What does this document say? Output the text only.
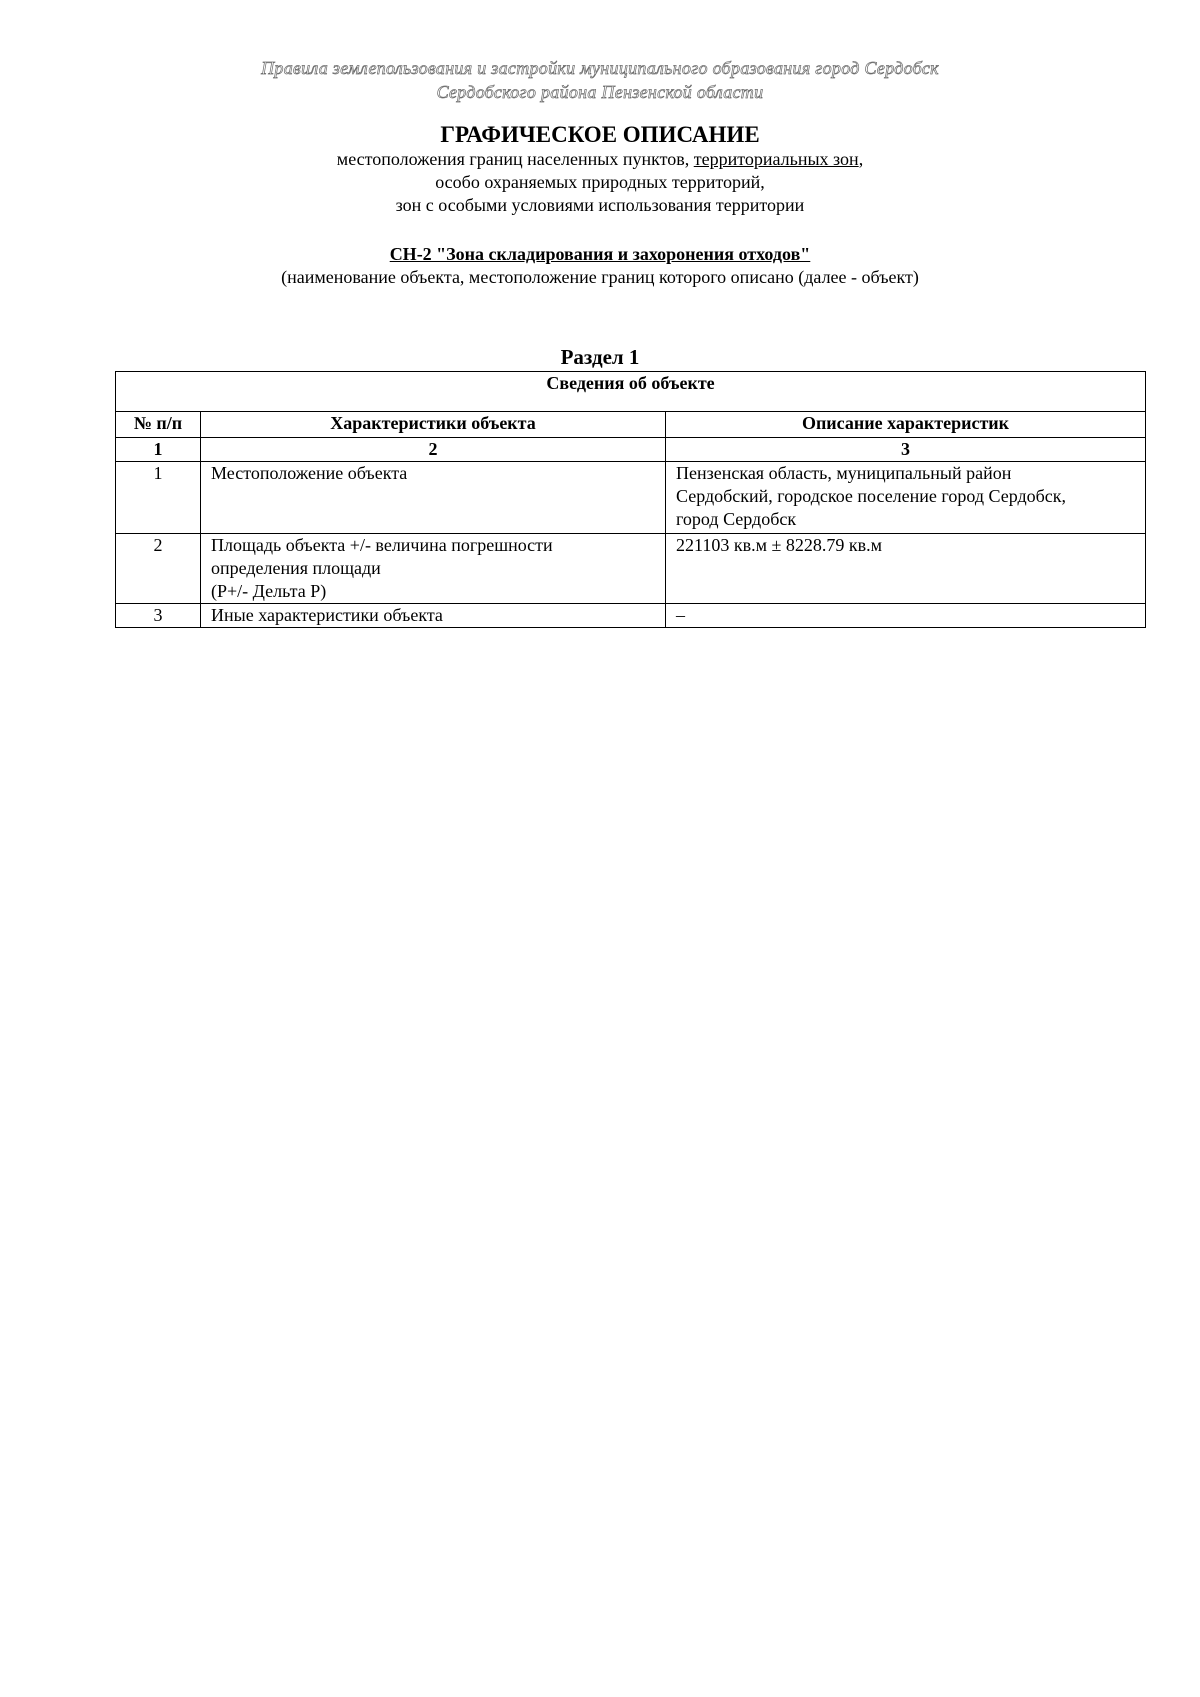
Правила землепользования и застройки муниципального образования город Сердобск
Сердобского района Пензенской области
ГРАФИЧЕСКОЕ ОПИСАНИЕ
местоположения границ населенных пунктов, территориальных зон,
особо охраняемых природных территорий,
зон с особыми условиями использования территории
СН-2 "Зона складирования и захоронения отходов"
(наименование объекта, местоположение границ которого описано (далее - объект)
Раздел 1
Сведения об объекте		
№ п/п	Характеристики объекта	Описание характеристик
1	2	3
1	Местоположение объекта	Пензенская область, муниципальный район
Сердобский, городское поселение город Сердобск,
город Сердобск

2	Площадь объекта +/- величина погрешности
определения площади
(P+/- Дельта P)	221103 кв.м ± 8228.79 кв.м

3	Иные характеристики объекта	–
